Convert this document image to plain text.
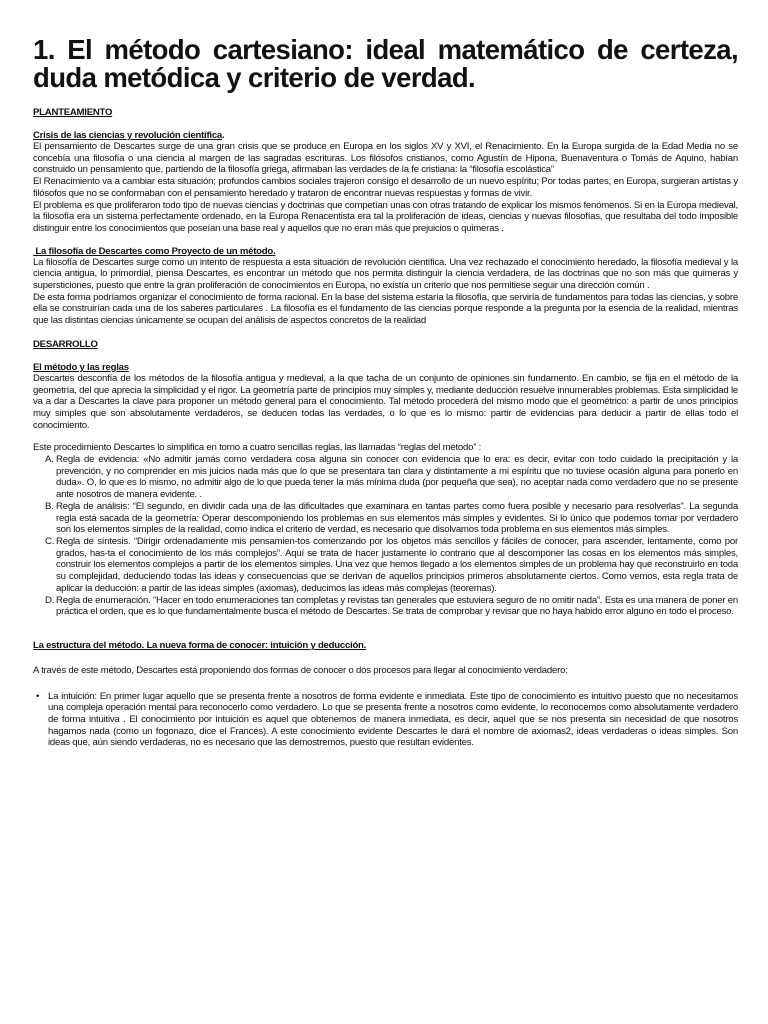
1. El método cartesiano: ideal matemático de certeza, duda metódica y criterio de verdad.
PLANTEAMIENTO
Crisis de las ciencias y revolución científica.

El pensamiento de Descartes surge de una gran crisis que se produce en Europa en los siglos XV y XVI, el Renacimiento. En la Europa surgida de la Edad Media no se concebía una filosofía o una ciencia al margen de las sagradas escrituras. Los filósofos cristianos, como Agustín de Hipona, Buenaventura o Tomás de Aquino, habían construido un pensamiento que, partiendo de la filosofía griega, afirmaban las verdades de la fe cristiana: la “filosofía escolástica”

El Renacimiento va a cambiar esta situación; profundos cambios sociales trajeron consigo el desarrollo de un nuevo espíritu; Por todas partes, en Europa, surgieran artistas y filósofos que no se conformaban con el pensamiento heredado y trataron de encontrar nuevas respuestas y formas de vivir.

El problema es que proliferaron todo tipo de nuevas ciencias y doctrinas que competían unas con otras tratando de explicar los mismos fenómenos. Si en la Europa medieval, la filosofía era un sistema perfectamente ordenado, en la Europa Renacentista era tal la proliferación de ideas, ciencias y nuevas filosofías, que resultaba del todo imposible distinguir entre los conocimientos que poseían una base real y aquellos que no eran más que prejuicios o quimeras .

La filosofía de Descartes como Proyecto de un método.

La filosofía de Descartes surge como un intento de respuesta a esta situación de revolución científica. Una vez rechazado el conocimiento heredado, la filosofía medieval y la ciencia antigua, lo primordial, piensa Descartes, es encontrar un método que nos permita distinguir la ciencia verdadera, de las doctrinas que no son más que quimeras y supersticiones, puesto que entre la gran proliferación de conocimientos en Europa, no existía un criterio que nos permitiese seguir una dirección común .

De esta forma podríamos organizar el conocimiento de forma racional. En la base del sistema estaría la filosofía, que serviría de fundamentos para todas las ciencias, y sobre ella se construirían cada una de los saberes particulares . La filosofía es el fundamento de las ciencias porque responde a la pregunta por la esencia de la realidad, mientras que las distintas ciencias únicamente se ocupan del análisis de aspectos concretos de la realidad

DESARROLLO
El método y las reglas

Descartes desconfía de los métodos de la filosofía antigua y medieval, a la que tacha de un conjunto de opiniones sin fundamento. En cambio, se fija en el método de la geometría, del que aprecia la simplicidad y el rigor. La geometría parte de principios muy simples y, mediante deducción resuelve innumerables problemas. Esta simplicidad le va a dar a Descartes la clave para proponer un método general para el conocimiento. Tal método procederá del mismo modo que el geométrico: a partir de unos principios muy simples que son absolutamente verdaderos, se deducen todas las verdades, o lo que es lo mismo: partir de evidencias para deducir a partir de ellas todo el conocimiento.

Este procedimiento Descartes lo simplifica en torno a cuatro sencillas reglas, las llamadas “reglas del método” :

A. Regla de evidencia: «No admitir jamás como verdadera cosa alguna sin conocer con evidencia que lo era: es decir, evitar con todo cuidado la precipitación y la prevención, y no comprender en mis juicios nada más que lo que se presentara tan clara y distintamente a mi espíritu que no tuviese ocasión alguna para ponerlo en duda». O, lo que es lo mismo, no admitir algo de lo que pueda tener la más mínima duda (por pequeña que sea), no aceptar nada como verdadero que no se presente ante nosotros de manera evidente. .
B. Regla de análisis: “El segundo, en dividir cada una de las dificultades que examinara en tantas partes como fuera posible y necesario para resolverlas”. La segunda regla está sacada de la geometría: Operar descomponiendo los problemas en sus elementos más simples y evidentes. Si lo único que podemos tomar por verdadero son los elementos simples de la realidad, como indica el criterio de verdad, es necesario que disolvamos toda problema en sus elementos más simples.
C. Regla de síntesis. “Dirigir ordenadamente mis pensamien-tos comenzando por los objetos más sencillos y fáciles de conocer, para ascender, lentamente, como por grados, has-ta el conocimiento de los más complejos”. Aquí se trata de hacer justamente lo contrario que al descomponer las cosas en los elementos más simples, construir los elementos complejos a partir de los elementos simples. Una vez que hemos llegado a los elementos simples de un problema hay que reconstruirlo en toda su complejidad, deduciendo todas las ideas y consecuencias que se derivan de aquellos principios primeros absolutamente ciertos. Como vemos, esta regla trata de aplicar la deducción: a partir de las ideas simples (axiomas), deducimos las ideas más complejas (teoremas).
D. Regla de enumeración. “Hacer en todo enumeraciones tan completas y revistas tan generales que estuviera seguro de no omitir nada”. Esta es una manera de poner en práctica el orden, que es lo que fundamentalmente busca el método de Descartes. Se trata de comprobar y revisar que no haya habido error alguno en todo el proceso.
La estructura del método. La nueva forma de conocer: intuición y deducción.

A través de este método, Descartes está proponiendo dos formas de conocer o dos procesos para llegar al conocimiento verdadero:

• La intuición: En primer lugar aquello que se presenta frente a nosotros de forma evidente e inmediata. Este tipo de conocimiento es intuitivo puesto que no necesitamos una compleja operación mental para reconocerlo como verdadero. Lo que se presenta frente a nosotros como evidente, lo reconocemos como absolutamente verdadero de forma intuitiva . El conocimiento por intuición es aquel que obtenemos de manera inmediata, es decir, aquel que se nos presenta sin necesidad de que nosotros hagamos nada (como un fogonazo, dice el Francés). A este conocimiento evidente Descartes le dará el nombre de axiomas2, ideas verdaderas o ideas simples. Son ideas que, aún siendo verdaderas, no es necesario que las demostremos, puesto que resultan evidentes.
